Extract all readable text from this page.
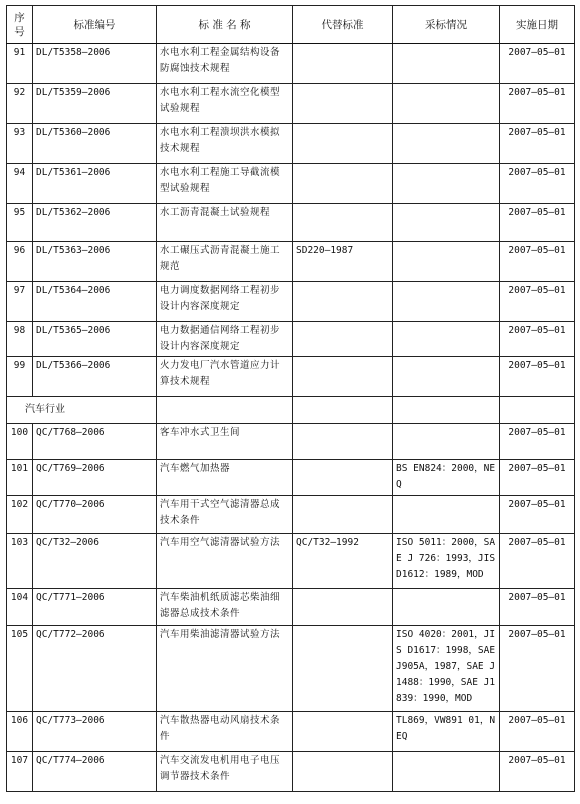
序号	标准编号	标 准 名 称	代替标准	采标情况	实施日期
91	DL/T5358—2006	水电水利工程金属结构设备防腐蚀技术规程			2007—05—01
92	DL/T5359—2006	水电水利工程水流空化模型试验规程			2007—05—01
93	DL/T5360—2006	水电水利工程溃坝洪水模拟技术规程			2007—05—01
94	DL/T5361—2006	水电水利工程施工导截流模型试验规程			2007—05—01
95	DL/T5362—2006	水工沥青混凝土试验规程			2007—05—01
96	DL/T5363—2006	水工碾压式沥青混凝土施工规范	SD220—1987		2007—05—01
97	DL/T5364—2006	电力调度数据网络工程初步设计内容深度规定			2007—05—01
98	DL/T5365—2006	电力数据通信网络工程初步设计内容深度规定			2007—05—01
99	DL/T5366—2006	火力发电厂汽水管道应力计算技术规程			2007—05—01
汽车行业					
100	QC/T768—2006	客车冲水式卫生间			2007—05—01
101	QC/T769—2006	汽车燃气加热器		BS EN824：2000，NEQ	2007—05—01
102	QC/T770—2006	汽车用干式空气滤清器总成技术条件			2007—05—01
103	QC/T32—2006	汽车用空气滤清器试验方法	QC/T32—1992	ISO 5011：2000，SAE J 726：1993，JIS D1612：1989，MOD	2007—05—01
104	QC/T771—2006	汽车柴油机纸质滤芯柴油细滤器总成技术条件			2007—05—01
105	QC/T772—2006	汽车用柴油滤清器试验方法		ISO 4020：2001，JIS D1617：1998，SAE J905A，1987，SAE J1488：1990，SAE J1839：1990，MOD	2007—05—01
106	QC/T773—2006	汽车散热器电动风扇技术条件		TL869，VW891 01，NEQ	2007—05—01
107	QC/T774—2006	汽车交流发电机用电子电压调节器技术条件			2007—05—01
